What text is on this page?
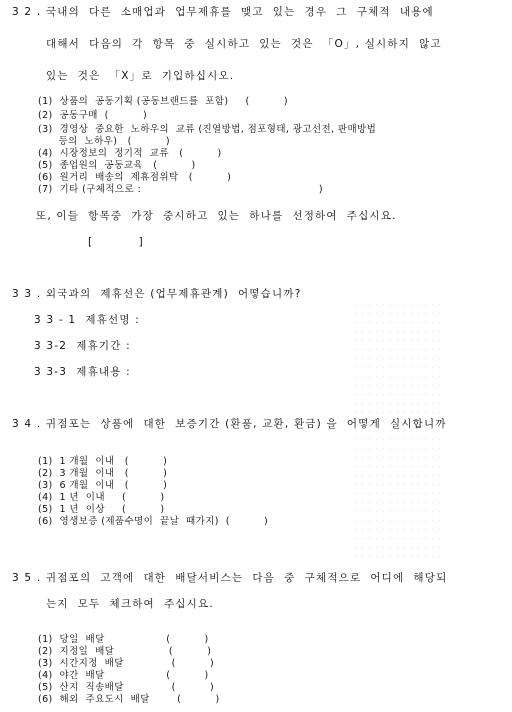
3 2 . 국내의  다른  소매업과  업무제휴를  맺고  있는  경우  그  구체적  내용에
대해서  다음의  각  항목  중  실시하고  있는  것은  「O」, 실시하지  않고
있는  것은  「X」로  기입하십시오.
(1)  상품의  공동기획 (공동브랜드를  포함)     (          )
(2)  공동구매  (          )
(3)  경영상  중요한  노하우의  교류 (진열방법, 점포형태, 광고선전, 판매방법
등의  노하우)   (          )
(4)  시장정보의  정기적  교류   (          )
(5)  종업원의  공동교육   (          )
(6)  원거리  배송의  제휴점위탁   (          )
(7)  기타 (구체적으로 :                                                    )
또, 이들  항목중  가장  중시하고  있는  하나를  선정하여  주십시요.
[          ]
3 3 . 외국과의  제휴선은 (업무제휴관계)  어떻습니까?
3 3 - 1  제휴선명 :
3 3-2  제휴기간 :
3 3-3  제휴내용 :
3 4 . 귀점포는  상품에  대한  보증기간 (환품, 교환, 환금) 을  어떻게  실시합니까
(1)  1 개월  이내   (          )
(2)  3 개월  이내   (          )
(3)  6 개월  이내   (          )
(4)  1 년  이내     (          )
(5)  1 년  이상     (          )
(6)  영생보증 (제품수명이  끝날  때가지)  (          )
3 5 . 귀점포의  고객에  대한  배달서비스는  다음  중  구체적으로  어디에  해당되
는지  모두  체크하여  주십시요.
(1)  당일  배달                  (          )
(2)  지정일  배달                (          )
(3)  시간지정  배달              (          )
(4)  야간  배달                  (          )
(5)  산지  직송배달              (          )
(6)  해외  주요도시  배달        (          )
